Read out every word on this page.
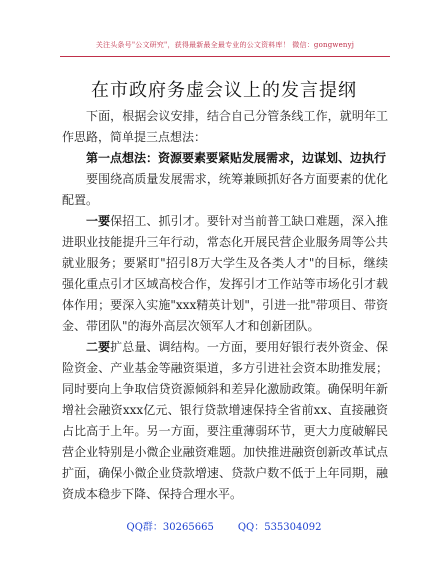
关注头条号"公文研究"，获得最新最全最专业的公文资料库！ 微信：gongwenyj
在市政府务虚会议上的发言提纲

下面，根据会议安排，结合自己分管条线工作，就明年工作思路，简单提三点想法：

第一点想法：资源要素要紧贴发展需求，边谋划、边执行

要围绕高质量发展需求，统筹兼顾抓好各方面要素的优化配置。

一要保招工、抓引才。要针对当前普工缺口难题，深入推进职业技能提升三年行动，常态化开展民营企业服务周等公共就业服务；要紧盯"招引8万大学生及各类人才"的目标，继续强化重点引才区域高校合作，发挥引才工作站等市场化引才载体作用；要深入实施"xxx精英计划"，引进一批"带项目、带资金、带团队"的海外高层次领军人才和创新团队。

二要扩总量、调结构。一方面，要用好银行表外资金、保险资金、产业基金等融资渠道，多方引进社会资本助推发展；同时要向上争取信贷资源倾斜和差异化激励政策。确保明年新增社会融资xxx亿元、银行贷款增速保持全省前xx、直接融资占比高于上年。另一方面，要注重薄弱环节，更大力度破解民营企业特别是小微企业融资难题。加快推进融资创新改革试点扩面，确保小微企业贷款增速、贷款户数不低于上年同期，融资成本稳步下降、保持合理水平。

QQ群：30265665 QQ：535304092
